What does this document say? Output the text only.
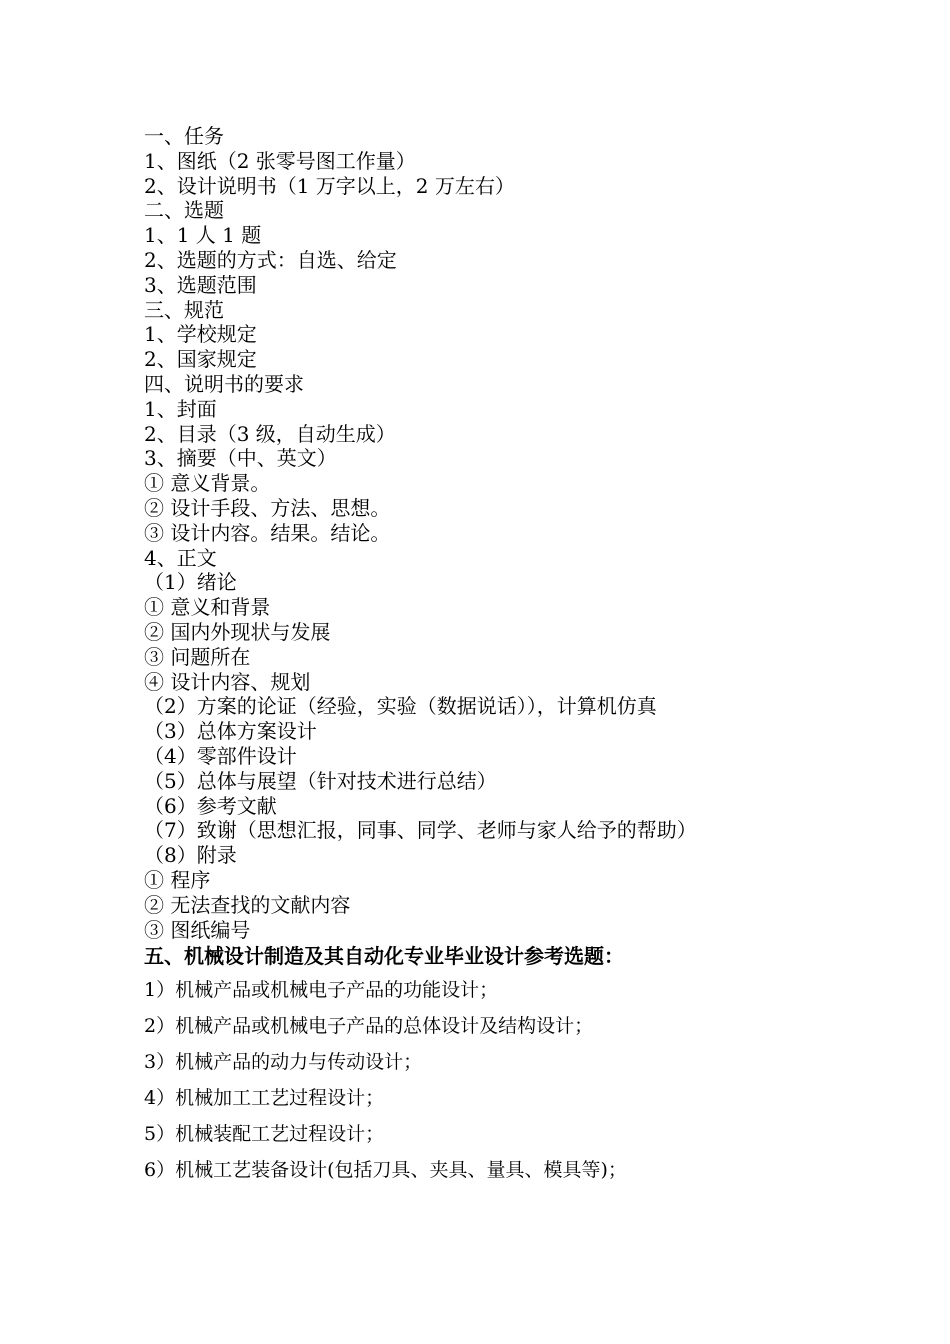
一、任务
1、图纸（2 张零号图工作量）
2、设计说明书（1 万字以上，2 万左右）
二、选题
1、1 人 1 题
2、选题的方式：自选、给定
3、选题范围
三、规范
1、学校规定
2、国家规定
四、说明书的要求
1、封面
2、目录（3 级，自动生成）
3、摘要（中、英文）
① 意义背景。
② 设计手段、方法、思想。
③ 设计内容。结果。结论。
4、正文
（1）绪论
① 意义和背景
② 国内外现状与发展
③ 问题所在
④ 设计内容、规划
（2）方案的论证（经验，实验（数据说话）），计算机仿真
（3）总体方案设计
（4）零部件设计
（5）总体与展望（针对技术进行总结）
（6）参考文献
（7）致谢（思想汇报，同事、同学、老师与家人给予的帮助）
（8）附录
① 程序
② 无法查找的文献内容
③ 图纸编号
五、机械设计制造及其自动化专业毕业设计参考选题：
1）机械产品或机械电子产品的功能设计；
2）机械产品或机械电子产品的总体设计及结构设计；
3）机械产品的动力与传动设计；
4）机械加工工艺过程设计；
5）机械装配工艺过程设计；
6）机械工艺装备设计(包括刀具、夹具、量具、模具等)；
